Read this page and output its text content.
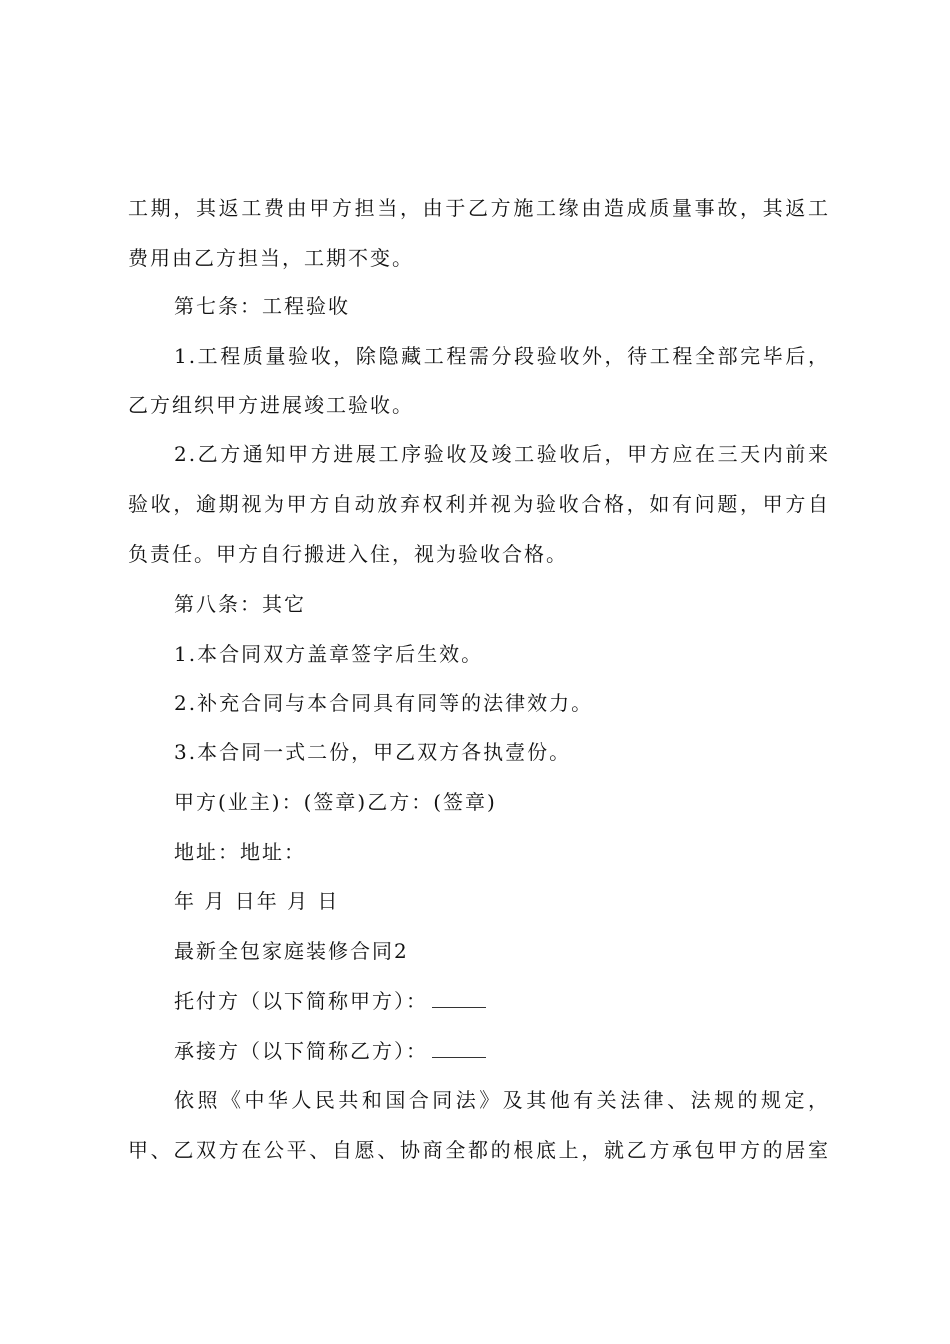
工期，其返工费由甲方担当，由于乙方施工缘由造成质量事故，其返工
费用由乙方担当，工期不变。
第七条：工程验收
1.工程质量验收，除隐藏工程需分段验收外，待工程全部完毕后，
乙方组织甲方进展竣工验收。
2.乙方通知甲方进展工序验收及竣工验收后，甲方应在三天内前来
验收，逾期视为甲方自动放弃权利并视为验收合格，如有问题，甲方自
负责任。甲方自行搬进入住，视为验收合格。
第八条：其它
1.本合同双方盖章签字后生效。
2.补充合同与本合同具有同等的法律效力。
3.本合同一式二份，甲乙双方各执壹份。
甲方(业主)：(签章)乙方：(签章)
地址：地址：
年 月 日年 月 日
最新全包家庭装修合同2
托付方（以下简称甲方）：
承接方（以下简称乙方）：
依照《中华人民共和国合同法》及其他有关法律、法规的规定，
甲、乙双方在公平、自愿、协商全都的根底上，就乙方承包甲方的居室
